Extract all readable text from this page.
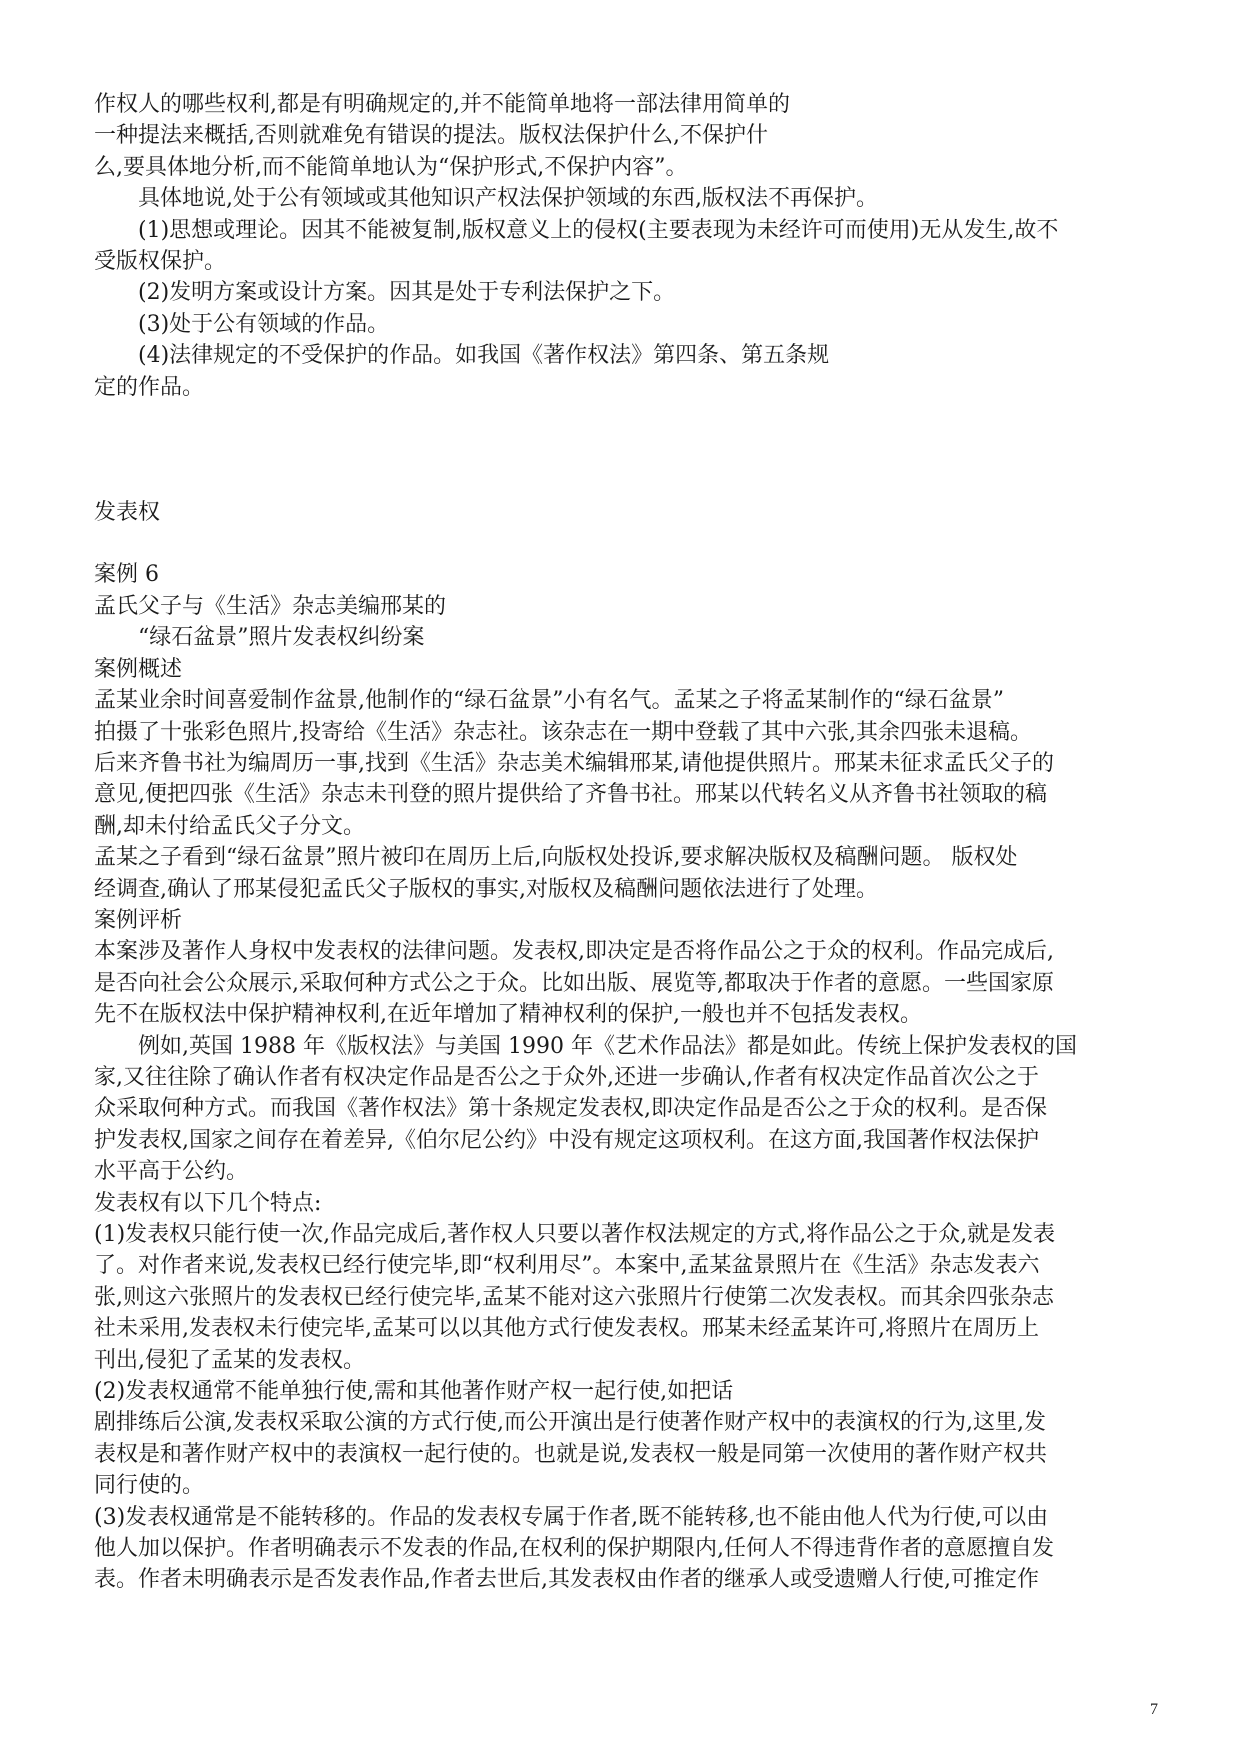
作权人的哪些权利,都是有明确规定的,并不能简单地将一部法律用简单的
一种提法来概括,否则就难免有错误的提法。版权法保护什么,不保护什
么,要具体地分析,而不能简单地认为“保护形式,不保护内容”。
具体地说,处于公有领域或其他知识产权法保护领域的东西,版权法不再保护。
(1)思想或理论。因其不能被复制,版权意义上的侵权(主要表现为未经许可而使用)无从发生,故不
受版权保护。
(2)发明方案或设计方案。因其是处于专利法保护之下。
(3)处于公有领域的作品。
(4)法律规定的不受保护的作品。如我国《著作权法》第四条、第五条规
定的作品。
发表权
案例 6
孟氏父子与《生活》杂志美编邢某的
“绿石盆景”照片发表权纠纷案
案例概述
孟某业余时间喜爱制作盆景,他制作的“绿石盆景”小有名气。孟某之子将孟某制作的“绿石盆景”
拍摄了十张彩色照片,投寄给《生活》杂志社。该杂志在一期中登载了其中六张,其余四张未退稿。
后来齐鲁书社为编周历一事,找到《生活》杂志美术编辑邢某,请他提供照片。邢某未征求孟氏父子的
意见,便把四张《生活》杂志未刊登的照片提供给了齐鲁书社。邢某以代转名义从齐鲁书社领取的稿
酬,却未付给孟氏父子分文。
孟某之子看到“绿石盆景”照片被印在周历上后,向版权处投诉,要求解决版权及稿酬问题。 版权处
经调查,确认了邢某侵犯孟氏父子版权的事实,对版权及稿酬问题依法进行了处理。
案例评析
本案涉及著作人身权中发表权的法律问题。发表权,即决定是否将作品公之于众的权利。作品完成后,
是否向社会公众展示,采取何种方式公之于众。比如出版、展览等,都取决于作者的意愿。一些国家原
先不在版权法中保护精神权利,在近年增加了精神权利的保护,一般也并不包括发表权。
例如,英国 1988 年《版权法》与美国 1990 年《艺术作品法》都是如此。传统上保护发表权的国
家,又往往除了确认作者有权决定作品是否公之于众外,还进一步确认,作者有权决定作品首次公之于
众采取何种方式。而我国《著作权法》第十条规定发表权,即决定作品是否公之于众的权利。是否保
护发表权,国家之间存在着差异,《伯尔尼公约》中没有规定这项权利。在这方面,我国著作权法保护
水平高于公约。
发表权有以下几个特点:
(1)发表权只能行使一次,作品完成后,著作权人只要以著作权法规定的方式,将作品公之于众,就是发表
了。对作者来说,发表权已经行使完毕,即“权利用尽”。本案中,孟某盆景照片在《生活》杂志发表六
张,则这六张照片的发表权已经行使完毕,孟某不能对这六张照片行使第二次发表权。而其余四张杂志
社未采用,发表权未行使完毕,孟某可以以其他方式行使发表权。邢某未经孟某许可,将照片在周历上
刊出,侵犯了孟某的发表权。
(2)发表权通常不能单独行使,需和其他著作财产权一起行使,如把话
剧排练后公演,发表权采取公演的方式行使,而公开演出是行使著作财产权中的表演权的行为,这里,发
表权是和著作财产权中的表演权一起行使的。也就是说,发表权一般是同第一次使用的著作财产权共
同行使的。
(3)发表权通常是不能转移的。作品的发表权专属于作者,既不能转移,也不能由他人代为行使,可以由
他人加以保护。作者明确表示不发表的作品,在权利的保护期限内,任何人不得违背作者的意愿擅自发
表。作者未明确表示是否发表作品,作者去世后,其发表权由作者的继承人或受遗赠人行使,可推定作
7
